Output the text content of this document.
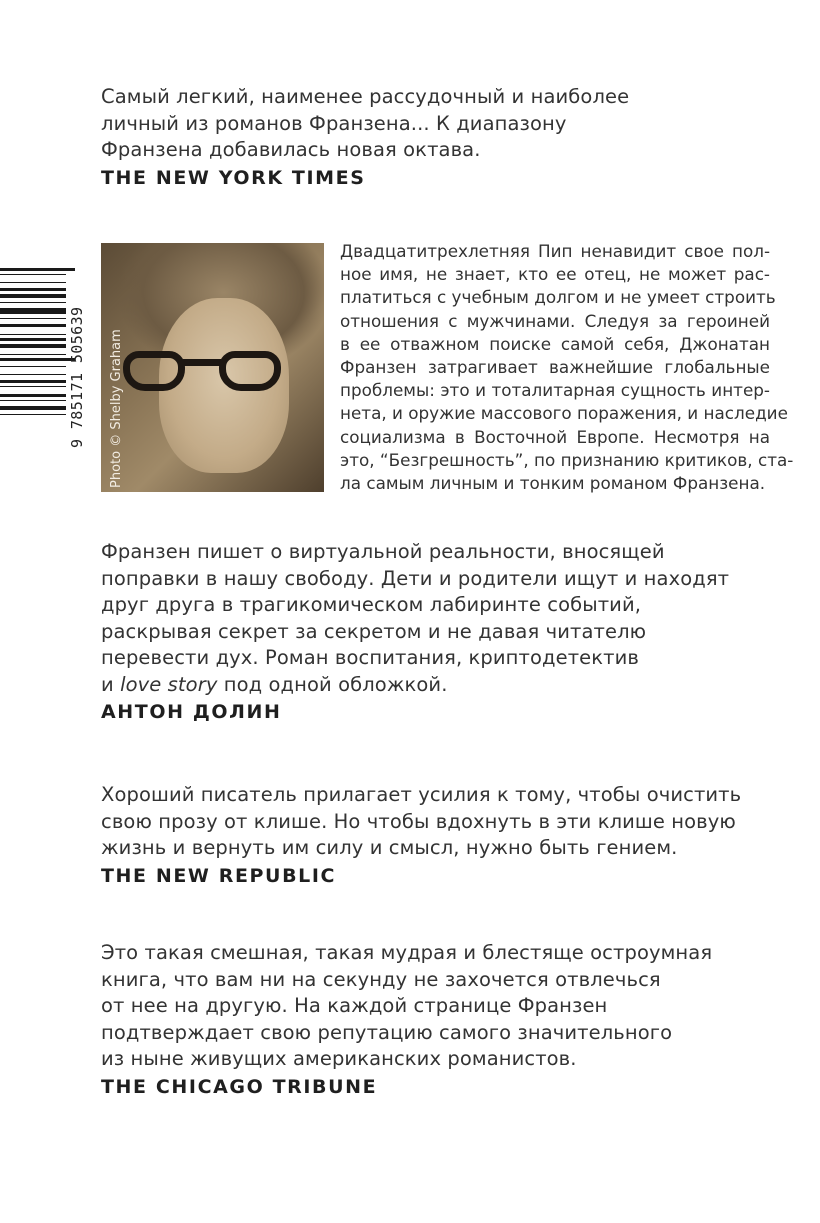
Самый легкий, наименее рассудочный и наиболее

личный из романов Франзена... К диапазону

Франзена добавилась новая октава.

THE NEW YORK TIMES
9 785171 505639 Photo © Shelby Graham
Двадцатитрехлетняя Пип ненавидит свое пол-
ное имя, не знает, кто ее отец, не может рас-
платиться с учебным долгом и не умеет строить
отношения с мужчинами. Следуя за героиней
в ее отважном поиске самой себя, Джонатан
Франзен затрагивает важнейшие глобальные
проблемы: это и тоталитарная сущность интер-
нета, и оружие массового поражения, и наследие
социализма в Восточной Европе. Несмотря на
это, “Безгрешность”, по признанию критиков, ста-
ла самым личным и тонким романом Франзена.

Франзен пишет о виртуальной реальности, вносящей

поправки в нашу свободу. Дети и родители ищут и находят

друг друга в трагикомическом лабиринте событий,

раскрывая секрет за секретом и не давая читателю

перевести дух. Роман воспитания, криптодетектив

и love story под одной обложкой.

АНТОН ДОЛИН

Хороший писатель прилагает усилия к тому, чтобы очистить

свою прозу от клише. Но чтобы вдохнуть в эти клише новую

жизнь и вернуть им силу и смысл, нужно быть гением.

THE NEW REPUBLIC

Это такая смешная, такая мудрая и блестяще остроумная

книга, что вам ни на секунду не захочется отвлечься

от нее на другую. На каждой странице Франзен

подтверждает свою репутацию самого значительного

из ныне живущих американских романистов.

THE CHICAGO TRIBUNE
